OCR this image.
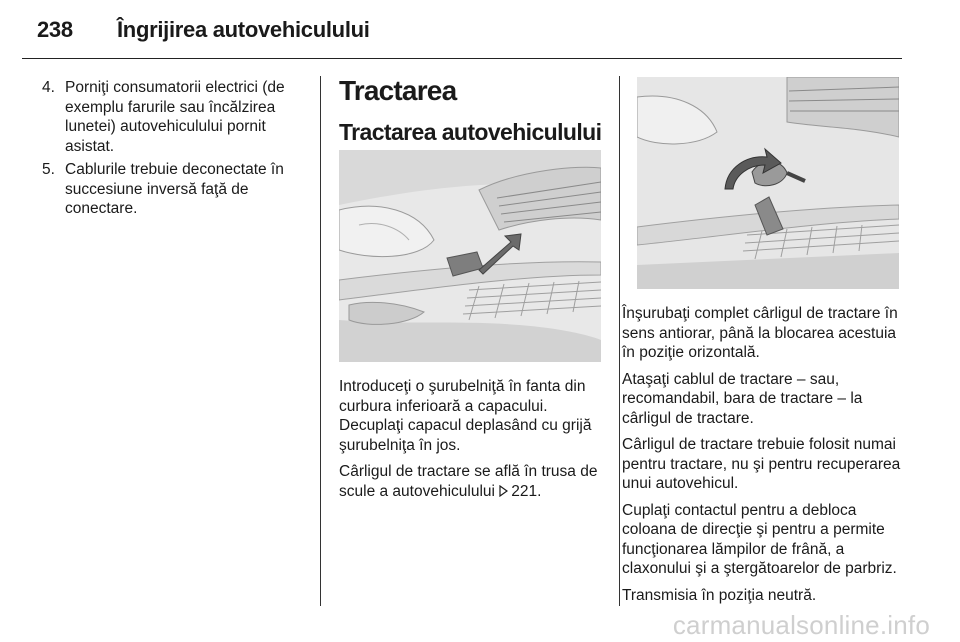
238 Îngrijirea autovehiculului
4. Porniţi consumatorii electrici (de exemplu farurile sau încălzirea lunetei) autovehiculului pornit asistat.
5. Cablurile trebuie deconectate în succesiune inversă faţă de conectare.
Tractarea
Tractarea autovehiculului

Introduceţi o şurubelniţă în fanta din curbura inferioară a capacului. Decuplaţi capacul deplasând cu grijă şurubelniţa în jos.

Cârligul de tractare se află în trusa de scule a autovehiculului 221.

Înşurubaţi complet cârligul de tractare în sens antiorar, până la blocarea acestuia în poziţie orizontală.

Ataşaţi cablul de tractare – sau, recomandabil, bara de tractare – la cârligul de tractare.

Cârligul de tractare trebuie folosit numai pentru tractare, nu şi pentru recuperarea unui autovehicul.

Cuplaţi contactul pentru a debloca coloana de direcţie şi pentru a permite funcţionarea lămpilor de frână, a claxonului şi a ştergătoarelor de parbriz.

Transmisia în poziţia neutră.

carmanualsonline.info
